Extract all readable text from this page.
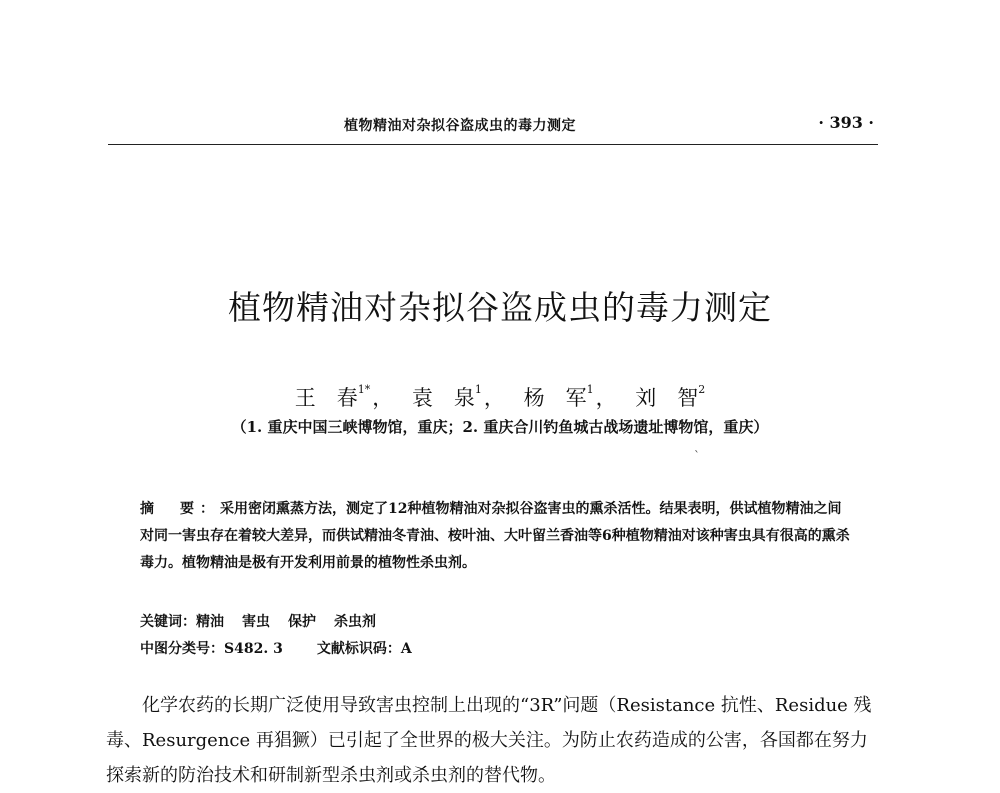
植物精油对杂拟谷盗成虫的毒力测定	· 393 ·
植物精油对杂拟谷盗成虫的毒力测定
王　春$^{1*}$， 袁　泉$^1$， 杨　军$^1$， 刘　智$^2$
（1. 重庆中国三峡博物馆，重庆；2. 重庆合川钓鱼城古战场遗址博物馆，重庆）
ˋ
摘　要：采用密闭熏蒸方法，测定了12种植物精油对杂拟谷盗害虫的熏杀活性。结果表明，供试植物精油之间对同一害虫存在着较大差异，而供试精油冬青油、桉叶油、大叶留兰香油等6种植物精油对该种害虫具有很高的熏杀毒力。植物精油是极有开发利用前景的植物性杀虫剂。
关键词：精油 害虫 保护 杀虫剂
中图分类号：S482. 3 文献标识码：A
化学农药的长期广泛使用导致害虫控制上出现的“3R”问题（Resistance 抗性、Residue 残毒、Resurgence 再猖獗）已引起了全世界的极大关注。为防止农药造成的公害，各国都在努力探索新的防治技术和研制新型杀虫剂或杀虫剂的替代物。
